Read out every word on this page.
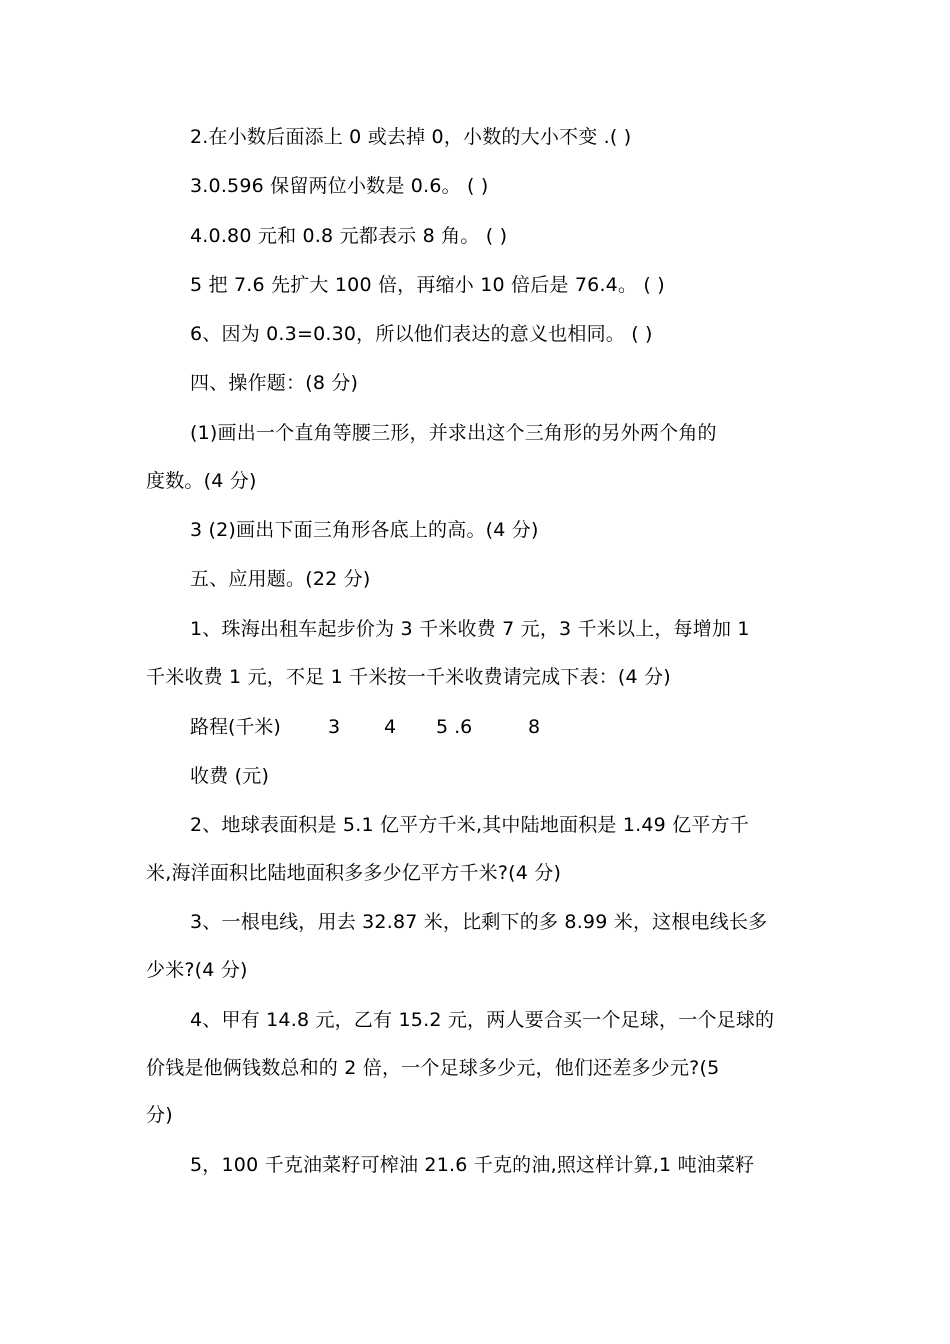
2.在小数后面添上 0 或去掉 0，小数的大小不变 .( )
3.0.596 保留两位小数是 0.6。 ( )
4.0.80 元和 0.8 元都表示 8 角。 ( )
5 把 7.6 先扩大 100 倍，再缩小 10 倍后是 76.4。 ( )
6、因为 0.3=0.30，所以他们表达的意义也相同。 ( )
四、操作题：(8 分)
(1)画出一个直角等腰三形，并求出这个三角形的另外两个角的
度数。(4 分)
3 (2)画出下面三角形各底上的高。(4 分)
五、应用题。(22 分)
1、珠海出租车起步价为 3 千米收费 7 元，3 千米以上，每增加 1
千米收费 1 元，不足 1 千米按一千米收费请完成下表：(4 分)
路程(千米) 3 4 5 .6	8
收费 (元)
2、地球表面积是 5.1 亿平方千米,其中陆地面积是 1.49 亿平方千
米,海洋面积比陆地面积多多少亿平方千米?(4 分)
3、一根电线，用去 32.87 米，比剩下的多 8.99 米，这根电线长多
少米?(4 分)
4、甲有 14.8 元，乙有 15.2 元，两人要合买一个足球，一个足球的
价钱是他俩钱数总和的 2 倍，一个足球多少元，他们还差多少元?(5
分)
5，100 千克油菜籽可榨油 21.6 千克的油,照这样计算,1 吨油菜籽
